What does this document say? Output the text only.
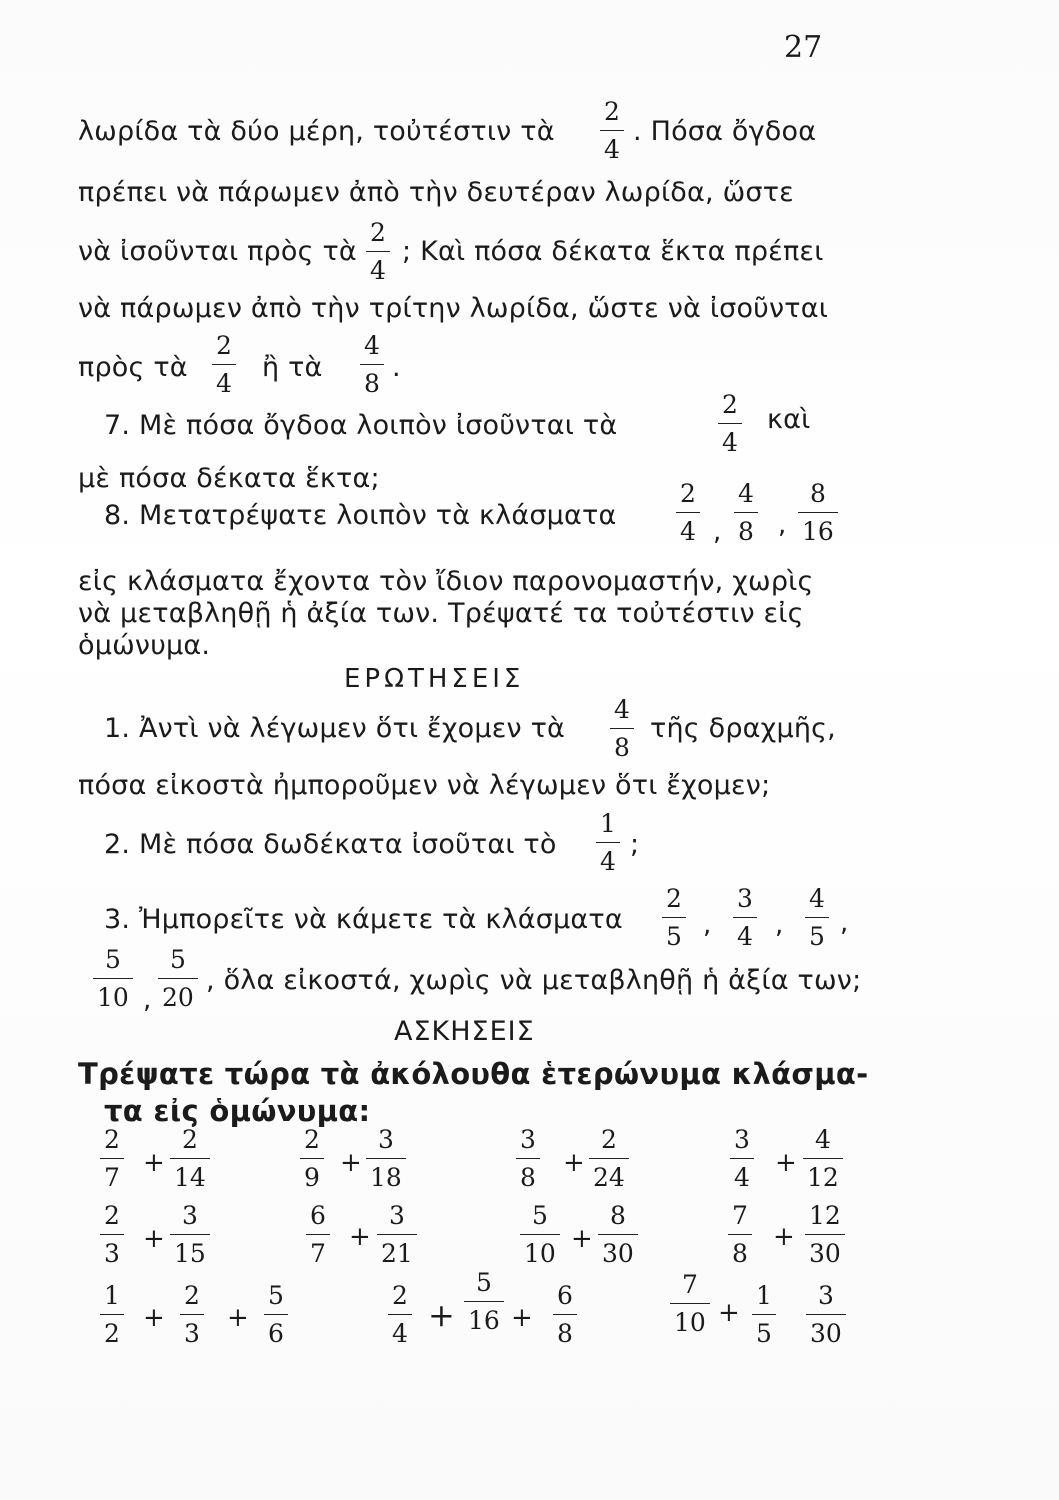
27
λωρίδα τὰ δύο μέρη, τοὐτέστιν τὰ
2
4
. Πόσα ὄγδοα
πρέπει νὰ πάρωμεν ἀπὸ τὴν δευτέραν λωρίδα, ὥστε
νὰ ἰσοῦνται πρὸς τὰ
2
4
; Καὶ πόσα δέκατα ἕκτα πρέπει
νὰ πάρωμεν ἀπὸ τὴν τρίτην λωρίδα, ὥστε νὰ ἰσοῦνται
πρὸς τὰ
2
4
ἢ τὰ
4
8
.
7. Μὲ πόσα ὄγδοα λοιπὸν ἰσοῦνται τὰ
2
4
καὶ
μὲ πόσα δέκατα ἕκτα;
8. Μετατρέψατε λοιπὸν τὰ κλάσματα
2
4 ,
4
8 ,
8
16
εἰς κλάσματα ἔχοντα τὸν ἴδιον παρονομαστήν, χωρὶς
νὰ μεταβληθῇ ἡ ἀξία των. Τρέψατέ τα τοὐτέστιν εἰς
ὁμώνυμα.
ΕΡΩΤΗΣΕΙΣ
1. Ἀντὶ νὰ λέγωμεν ὅτι ἔχομεν τὰ
4
8
τῆς δραχμῆς,
πόσα εἰκοστὰ ἠμποροῦμεν νὰ λέγωμεν ὅτι ἔχομεν;
2. Μὲ πόσα δωδέκατα ἰσοῦται τὸ
1
4
;
3. Ἠμπορεῖτε νὰ κάμετε τὰ κλάσματα
2
5 ,
3
4 ,
4
5 ,
5
10 ,
5
20
, ὅλα εἰκοστά, χωρὶς νὰ μεταβληθῇ ἡ ἀξία των;
ΑΣΚΗΣΕΙΣ
Τρέψατε τώρα τὰ ἀκόλουθα ἑτερώνυμα κλάσμα-
τα εἰς ὁμώνυμα:
2
7 +
2
14
2
9 +
3
18
3
8 +
2
24
3
4 +
4
12
2
3 +
3
15
6
7
+
3
21
5
10 +
8
30
7
8
+
12
30
1
2
+
2
3
+
5
6
2
4 +
5
16 +
6
8
7
10 +
1
5
3
30
